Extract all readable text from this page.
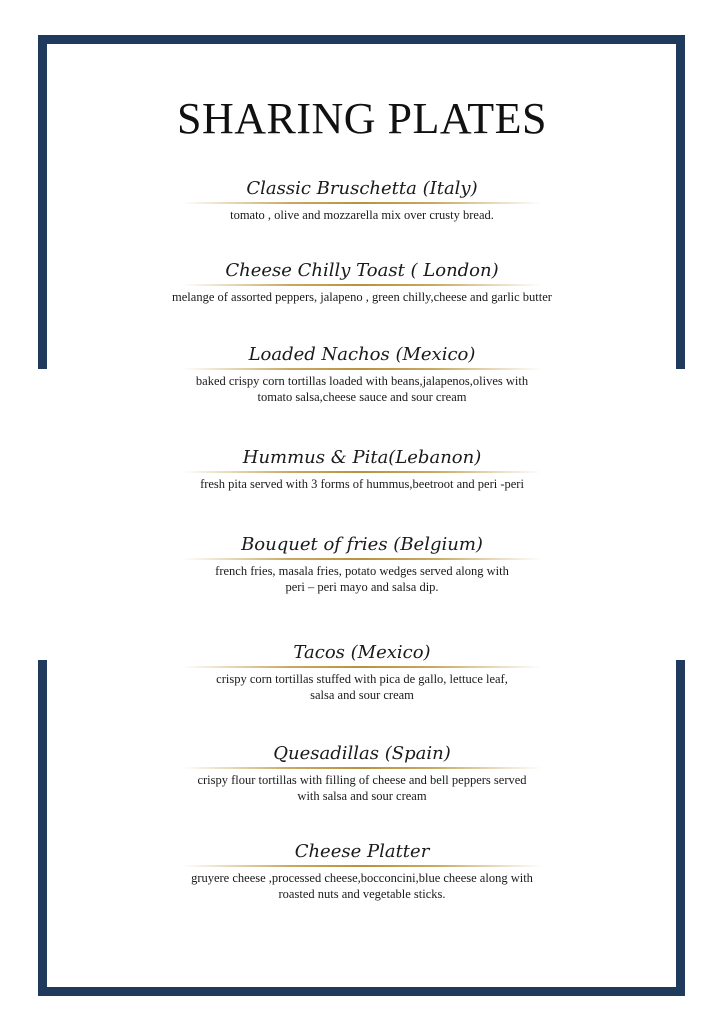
SHARING PLATES
Classic Bruschetta (Italy)
tomato , olive and mozzarella mix over crusty bread.
Cheese Chilly Toast ( London)
melange of assorted peppers, jalapeno , green chilly,cheese and garlic butter
Loaded Nachos (Mexico)
baked crispy corn tortillas loaded with beans,jalapenos,olives with
tomato salsa,cheese sauce and sour cream
Hummus & Pita(Lebanon)
fresh pita served with 3 forms of hummus,beetroot and peri -peri
Bouquet of fries (Belgium)
french fries, masala fries, potato wedges served along with
peri – peri mayo and salsa dip.
Tacos (Mexico)
crispy corn tortillas stuffed with pica de gallo, lettuce leaf,
salsa and sour cream
Quesadillas (Spain)
crispy flour tortillas with filling of cheese and bell peppers served
with salsa and sour cream
Cheese Platter
gruyere cheese ,processed cheese,bocconcini,blue cheese along with
roasted nuts and vegetable sticks.
